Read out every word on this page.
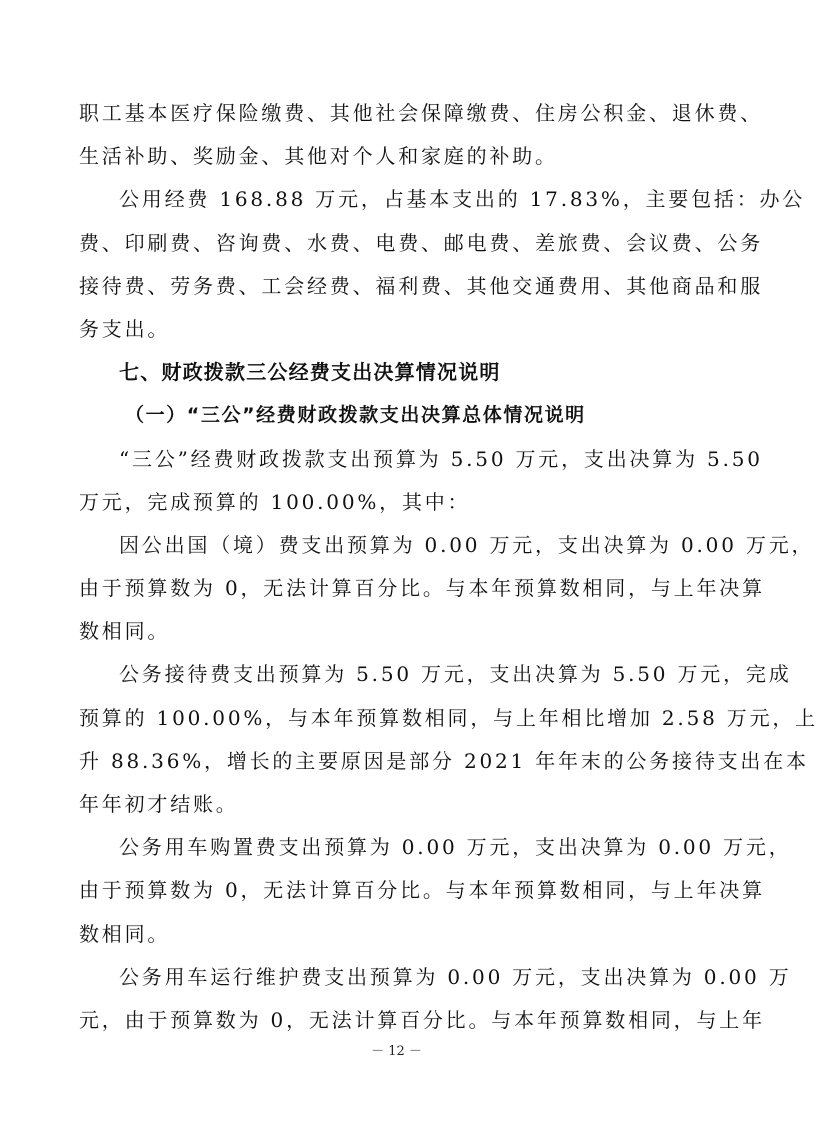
职工基本医疗保险缴费、其他社会保障缴费、住房公积金、退休费、
生活补助、奖励金、其他对个人和家庭的补助。
公用经费 168.88 万元，占基本支出的 17.83%，主要包括：办公
费、印刷费、咨询费、水费、电费、邮电费、差旅费、会议费、公务
接待费、劳务费、工会经费、福利费、其他交通费用、其他商品和服
务支出。
七、财政拨款三公经费支出决算情况说明
（一）“三公”经费财政拨款支出决算总体情况说明
“三公”经费财政拨款支出预算为 5.50 万元，支出决算为 5.50
万元，完成预算的 100.00%，其中：
因公出国（境）费支出预算为 0.00 万元，支出决算为 0.00 万元，
由于预算数为 0，无法计算百分比。与本年预算数相同，与上年决算
数相同。
公务接待费支出预算为 5.50 万元，支出决算为 5.50 万元，完成
预算的 100.00%，与本年预算数相同，与上年相比增加 2.58 万元，上
升 88.36%，增长的主要原因是部分 2021 年年末的公务接待支出在本
年年初才结账。
公务用车购置费支出预算为 0.00 万元，支出决算为 0.00 万元，
由于预算数为 0，无法计算百分比。与本年预算数相同，与上年决算
数相同。
公务用车运行维护费支出预算为 0.00 万元，支出决算为 0.00 万
元，由于预算数为 0，无法计算百分比。与本年预算数相同，与上年
－ 12 －
